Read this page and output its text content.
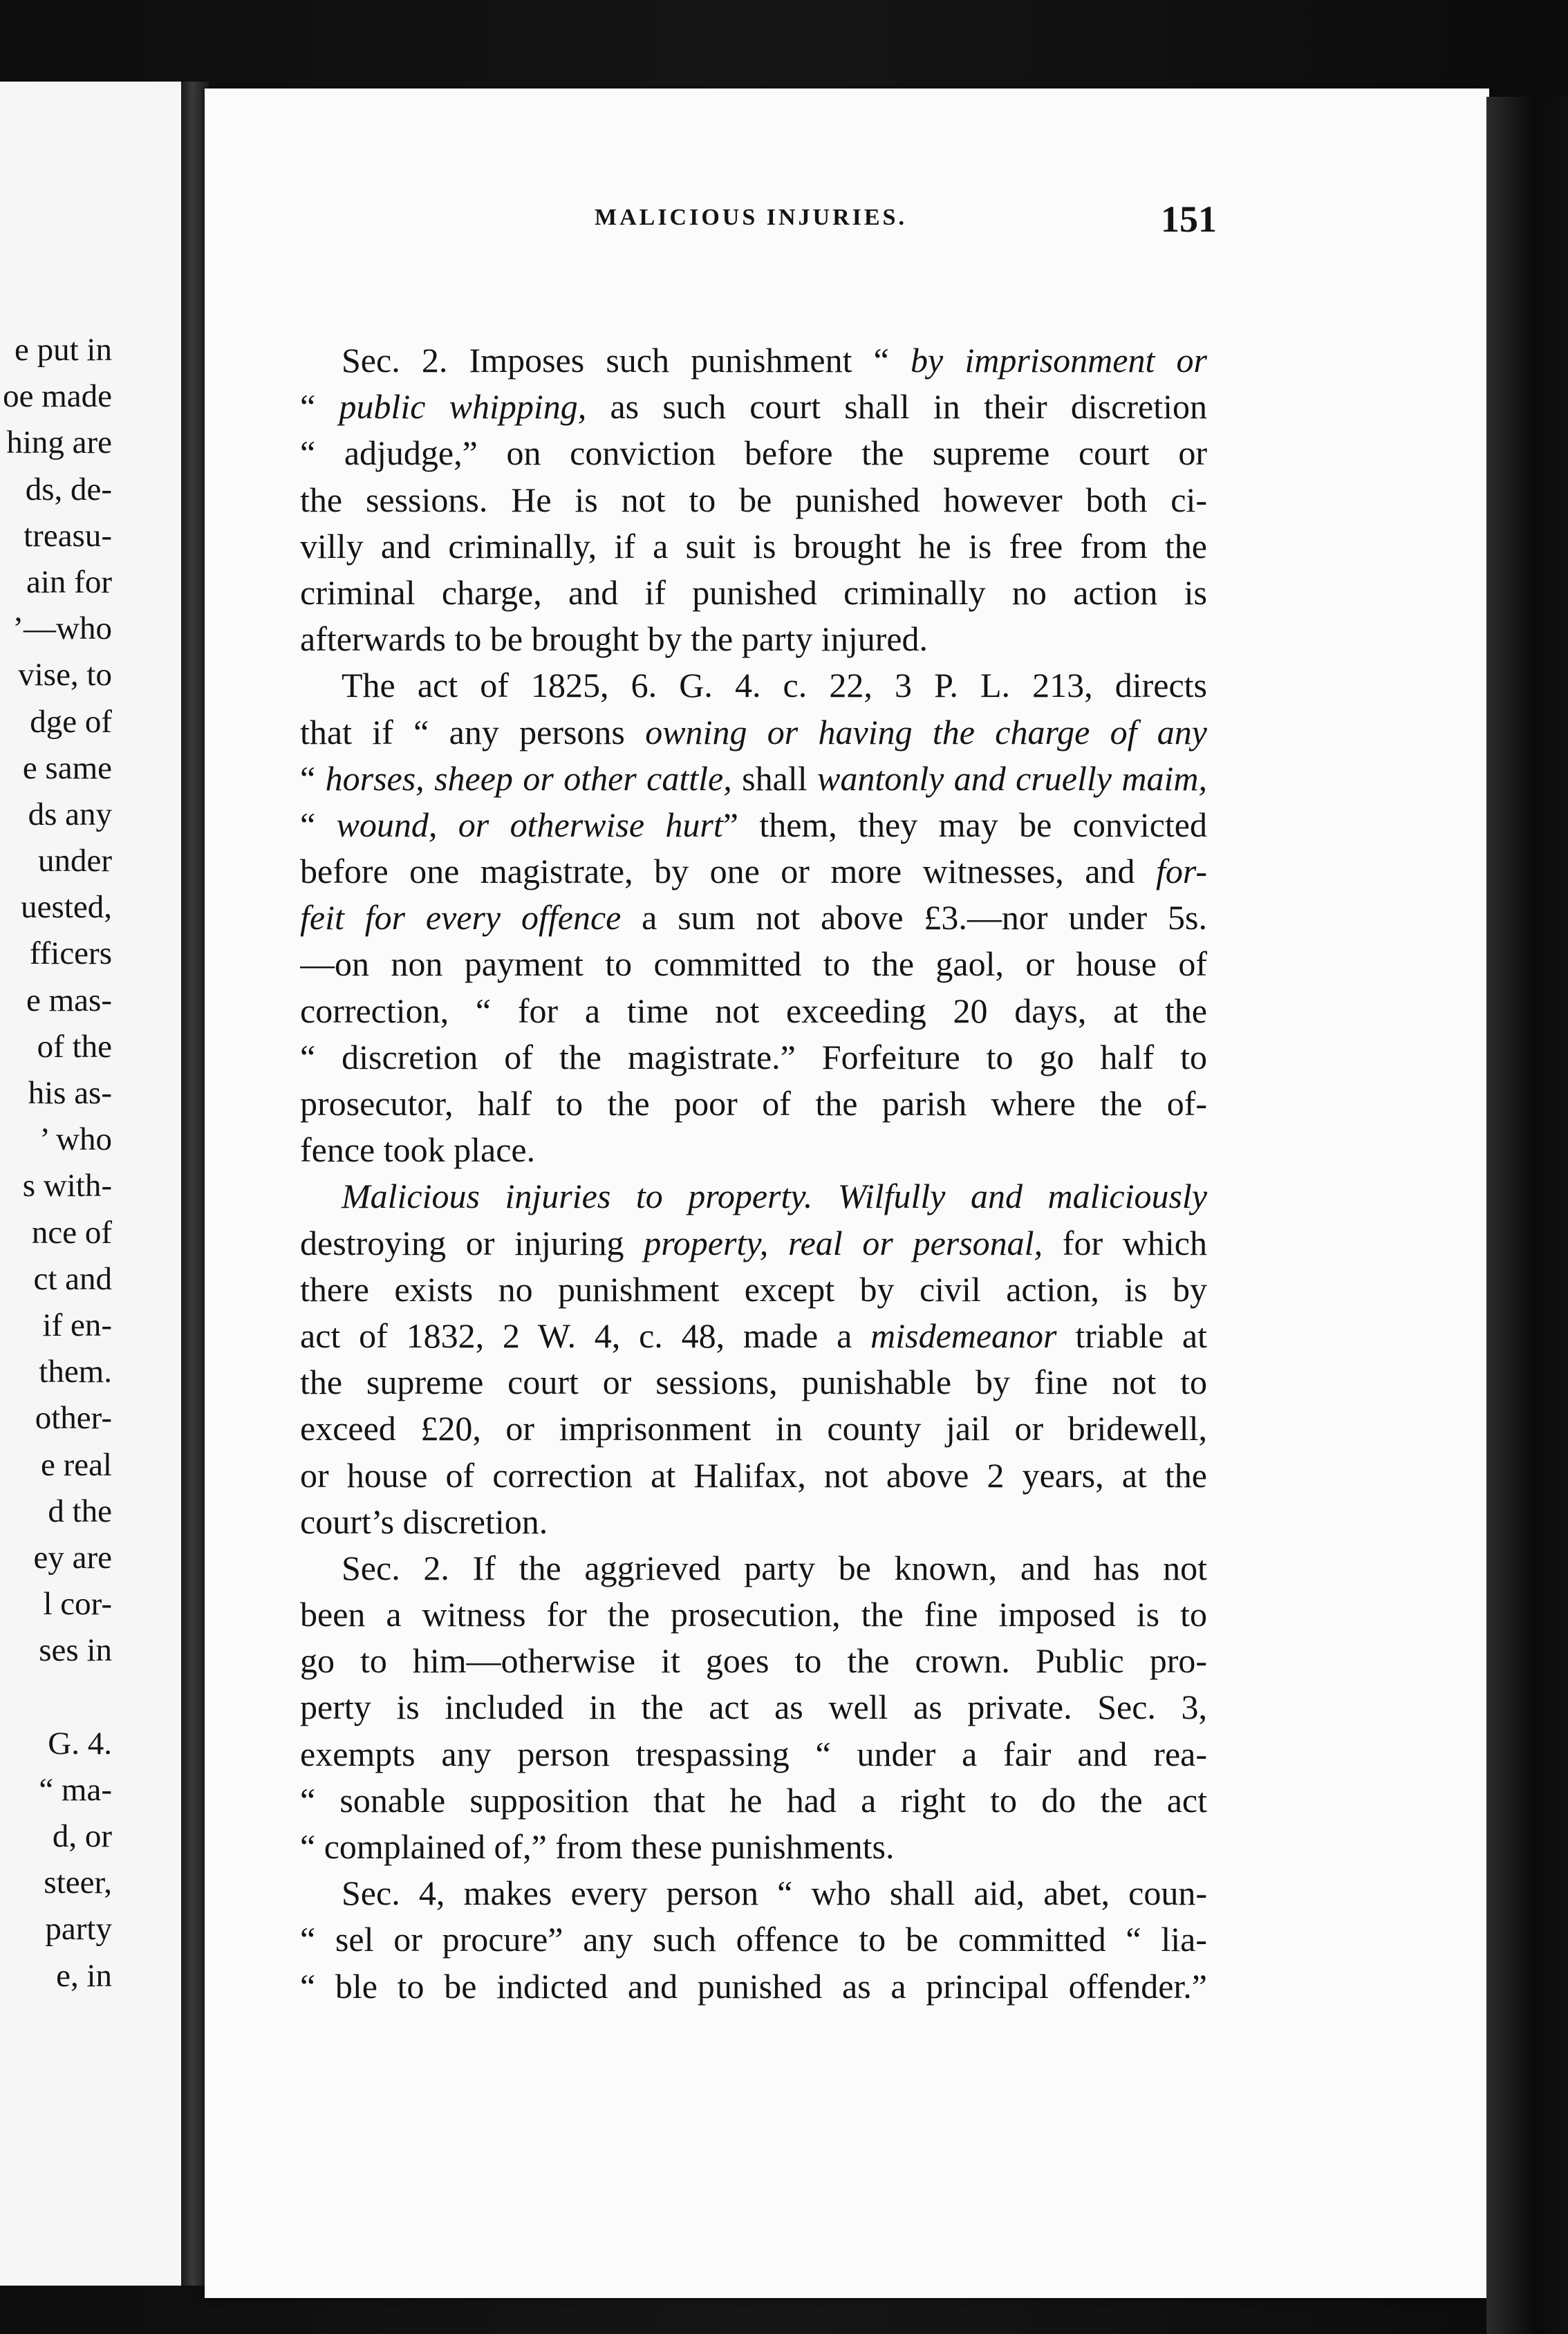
e put in
oe made
hing are
ds, de-
treasu-
ain for
’—who
vise, to
dge of
e same
ds any
under
uested,
fficers
e mas-
of the
his as-
’ who
s with-
nce of
ct and
if en-
them.
other-
e real
d the
ey are
l cor-
ses in
G. 4.
“ ma-
d, or
steer,
party
e, in
MALICIOUS INJURIES.	151
Sec. 2. Imposes such punishment “ by imprisonment or
“ public whipping, as such court shall in their discretion
“ adjudge,” on conviction before the supreme court or
the sessions. He is not to be punished however both ci-
villy and criminally, if a suit is brought he is free from the
criminal charge, and if punished criminally no action is
afterwards to be brought by the party injured.
The act of 1825, 6. G. 4. c. 22, 3 P. L. 213, directs
that if “ any persons owning or having the charge of any
“ horses, sheep or other cattle, shall wantonly and cruelly maim,
“ wound, or otherwise hurt” them, they may be convicted
before one magistrate, by one or more witnesses, and for-
feit for every offence a sum not above £3.—nor under 5s.
—on non payment to committed to the gaol, or house of
correction, “ for a time not exceeding 20 days, at the
“ discretion of the magistrate.” Forfeiture to go half to
prosecutor, half to the poor of the parish where the of-
fence took place.
Malicious injuries to property. Wilfully and maliciously
destroying or injuring property, real or personal, for which
there exists no punishment except by civil action, is by
act of 1832, 2 W. 4, c. 48, made a misdemeanor triable at
the supreme court or sessions, punishable by fine not to
exceed £20, or imprisonment in county jail or bridewell,
or house of correction at Halifax, not above 2 years, at the
court’s discretion.
Sec. 2. If the aggrieved party be known, and has not
been a witness for the prosecution, the fine imposed is to
go to him—otherwise it goes to the crown. Public pro-
perty is included in the act as well as private. Sec. 3,
exempts any person trespassing “ under a fair and rea-
“ sonable supposition that he had a right to do the act
“ complained of,” from these punishments.
Sec. 4, makes every person “ who shall aid, abet, coun-
“ sel or procure” any such offence to be committed “ lia-
“ ble to be indicted and punished as a principal offender.”
